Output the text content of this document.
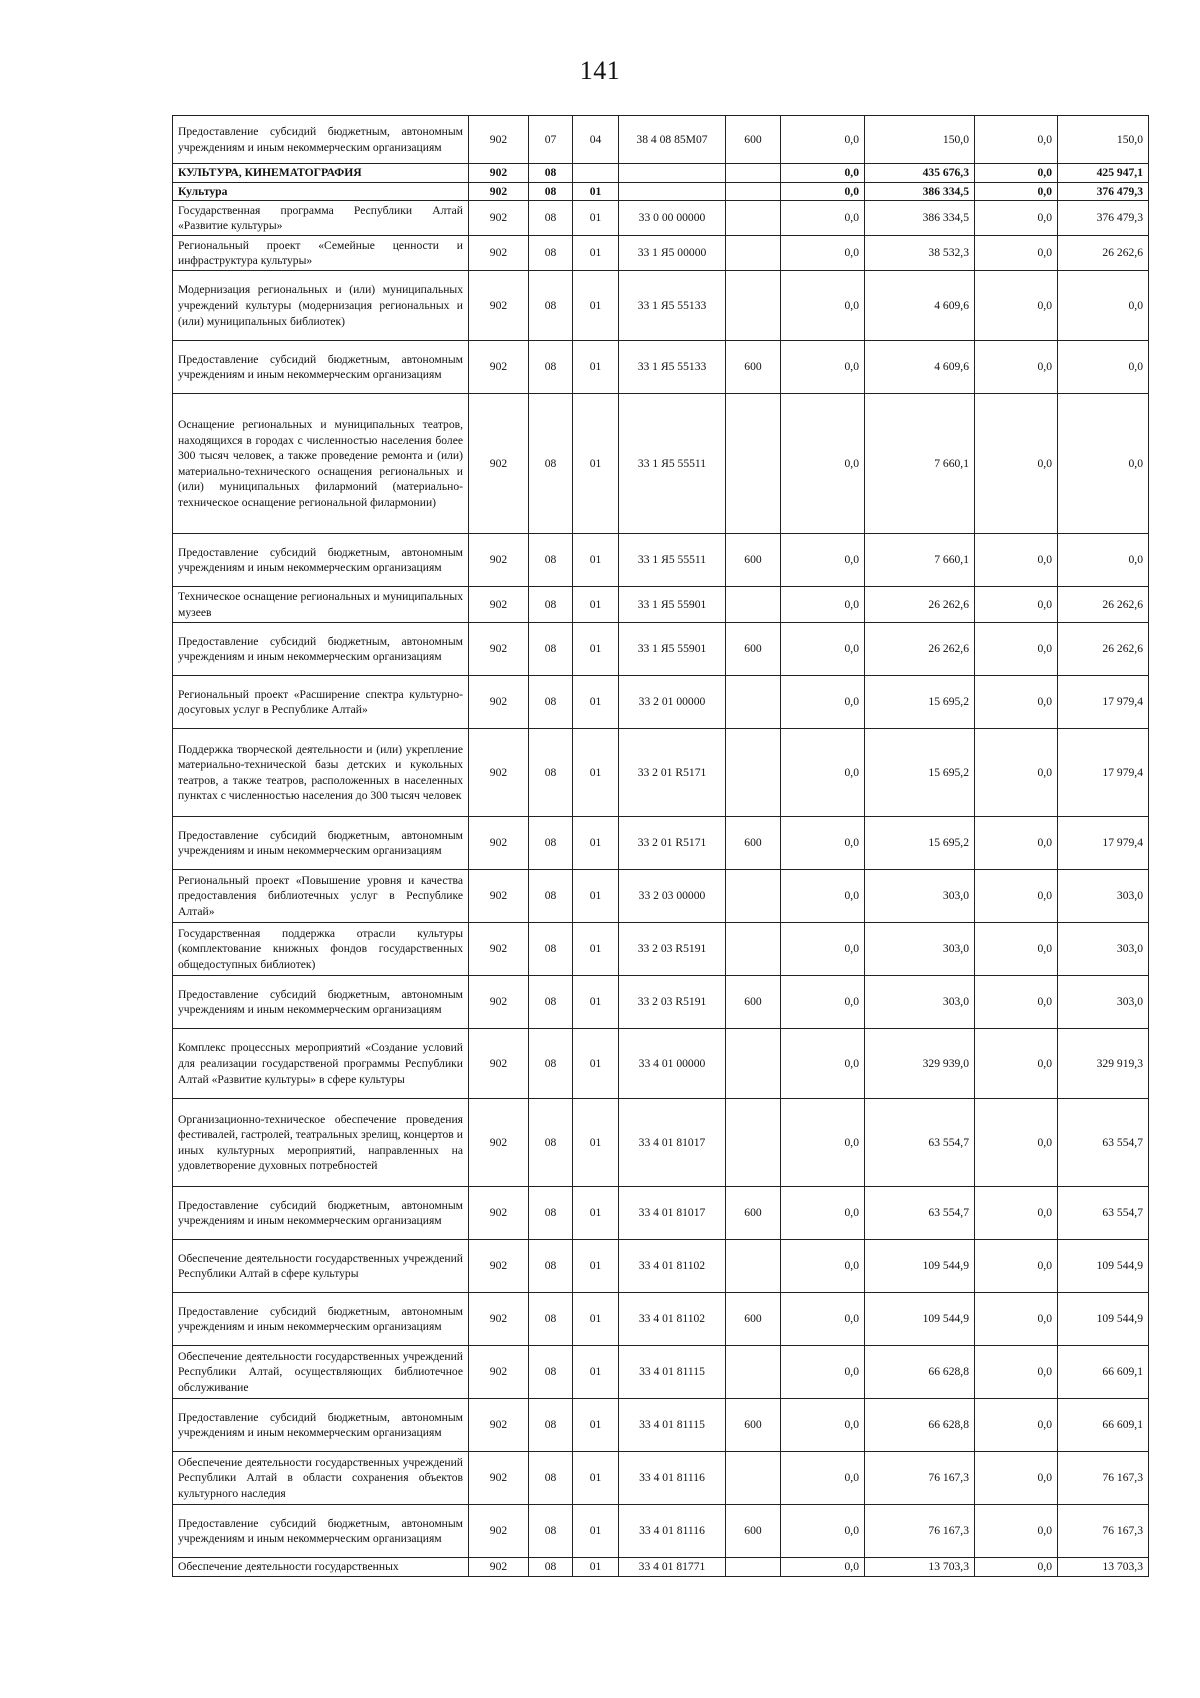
141
Предоставление субсидий бюджетным, автономным учреждениям и иным некоммерческим организациям	902	07	04	38 4 08 85М07	600	0,0	150,0	0,0	150,0
КУЛЬТУРА, КИНЕМАТОГРАФИЯ	902	08				0,0	435 676,3	0,0	425 947,1
Культура	902	08	01			0,0	386 334,5	0,0	376 479,3
Государственная программа Республики Алтай «Развитие культуры»	902	08	01	33 0 00 00000		0,0	386 334,5	0,0	376 479,3
Региональный проект «Семейные ценности и инфраструктура культуры»	902	08	01	33 1 Я5 00000		0,0	38 532,3	0,0	26 262,6
Модернизация региональных и (или) муниципальных учреждений культуры (модернизация региональных и (или) муниципальных библиотек)	902	08	01	33 1 Я5 55133		0,0	4 609,6	0,0	0,0
Предоставление субсидий бюджетным, автономным учреждениям и иным некоммерческим организациям	902	08	01	33 1 Я5 55133	600	0,0	4 609,6	0,0	0,0
Оснащение региональных и муниципальных театров, находящихся в городах с численностью населения более 300 тысяч человек, а также проведение ремонта и (или) материально-технического оснащения региональных и (или) муниципальных филармоний (материально-техническое оснащение региональной филармонии)	902	08	01	33 1 Я5 55511		0,0	7 660,1	0,0	0,0
Предоставление субсидий бюджетным, автономным учреждениям и иным некоммерческим организациям	902	08	01	33 1 Я5 55511	600	0,0	7 660,1	0,0	0,0
Техническое оснащение региональных и муниципальных музеев	902	08	01	33 1 Я5 55901		0,0	26 262,6	0,0	26 262,6
Предоставление субсидий бюджетным, автономным учреждениям и иным некоммерческим организациям	902	08	01	33 1 Я5 55901	600	0,0	26 262,6	0,0	26 262,6
Региональный проект «Расширение спектра культурно-досуговых услуг в Республике Алтай»	902	08	01	33 2 01 00000		0,0	15 695,2	0,0	17 979,4
Поддержка творческой деятельности и (или) укрепление материально-технической базы детских и кукольных театров, а также театров, расположенных в населенных пунктах с численностью населения до 300 тысяч человек	902	08	01	33 2 01 R5171		0,0	15 695,2	0,0	17 979,4
Предоставление субсидий бюджетным, автономным учреждениям и иным некоммерческим организациям	902	08	01	33 2 01 R5171	600	0,0	15 695,2	0,0	17 979,4
Региональный проект «Повышение уровня и качества предоставления библиотечных услуг в Республике Алтай»	902	08	01	33 2 03 00000		0,0	303,0	0,0	303,0
Государственная поддержка отрасли культуры (комплектование книжных фондов государственных общедоступных библиотек)	902	08	01	33 2 03 R5191		0,0	303,0	0,0	303,0
Предоставление субсидий бюджетным, автономным учреждениям и иным некоммерческим организациям	902	08	01	33 2 03 R5191	600	0,0	303,0	0,0	303,0
Комплекс процессных мероприятий «Создание условий для реализации государственой программы Республики Алтай «Развитие культуры» в сфере культуры	902	08	01	33 4 01 00000		0,0	329 939,0	0,0	329 919,3
Организационно-техническое обеспечение проведения фестивалей, гастролей, театральных зрелищ, концертов и иных культурных мероприятий, направленных на удовлетворение духовных потребностей	902	08	01	33 4 01 81017		0,0	63 554,7	0,0	63 554,7
Предоставление субсидий бюджетным, автономным учреждениям и иным некоммерческим организациям	902	08	01	33 4 01 81017	600	0,0	63 554,7	0,0	63 554,7
Обеспечение деятельности государственных учреждений Республики Алтай в сфере культуры	902	08	01	33 4 01 81102		0,0	109 544,9	0,0	109 544,9
Предоставление субсидий бюджетным, автономным учреждениям и иным некоммерческим организациям	902	08	01	33 4 01 81102	600	0,0	109 544,9	0,0	109 544,9
Обеспечение деятельности государственных учреждений Республики Алтай, осуществляющих библиотечное обслуживание	902	08	01	33 4 01 81115		0,0	66 628,8	0,0	66 609,1
Предоставление субсидий бюджетным, автономным учреждениям и иным некоммерческим организациям	902	08	01	33 4 01 81115	600	0,0	66 628,8	0,0	66 609,1
Обеспечение деятельности государственных учреждений Республики Алтай в области сохранения объектов культурного наследия	902	08	01	33 4 01 81116		0,0	76 167,3	0,0	76 167,3
Предоставление субсидий бюджетным, автономным учреждениям и иным некоммерческим организациям	902	08	01	33 4 01 81116	600	0,0	76 167,3	0,0	76 167,3
Обеспечение деятельности государственных	902	08	01	33 4 01 81771		0,0	13 703,3	0,0	13 703,3
